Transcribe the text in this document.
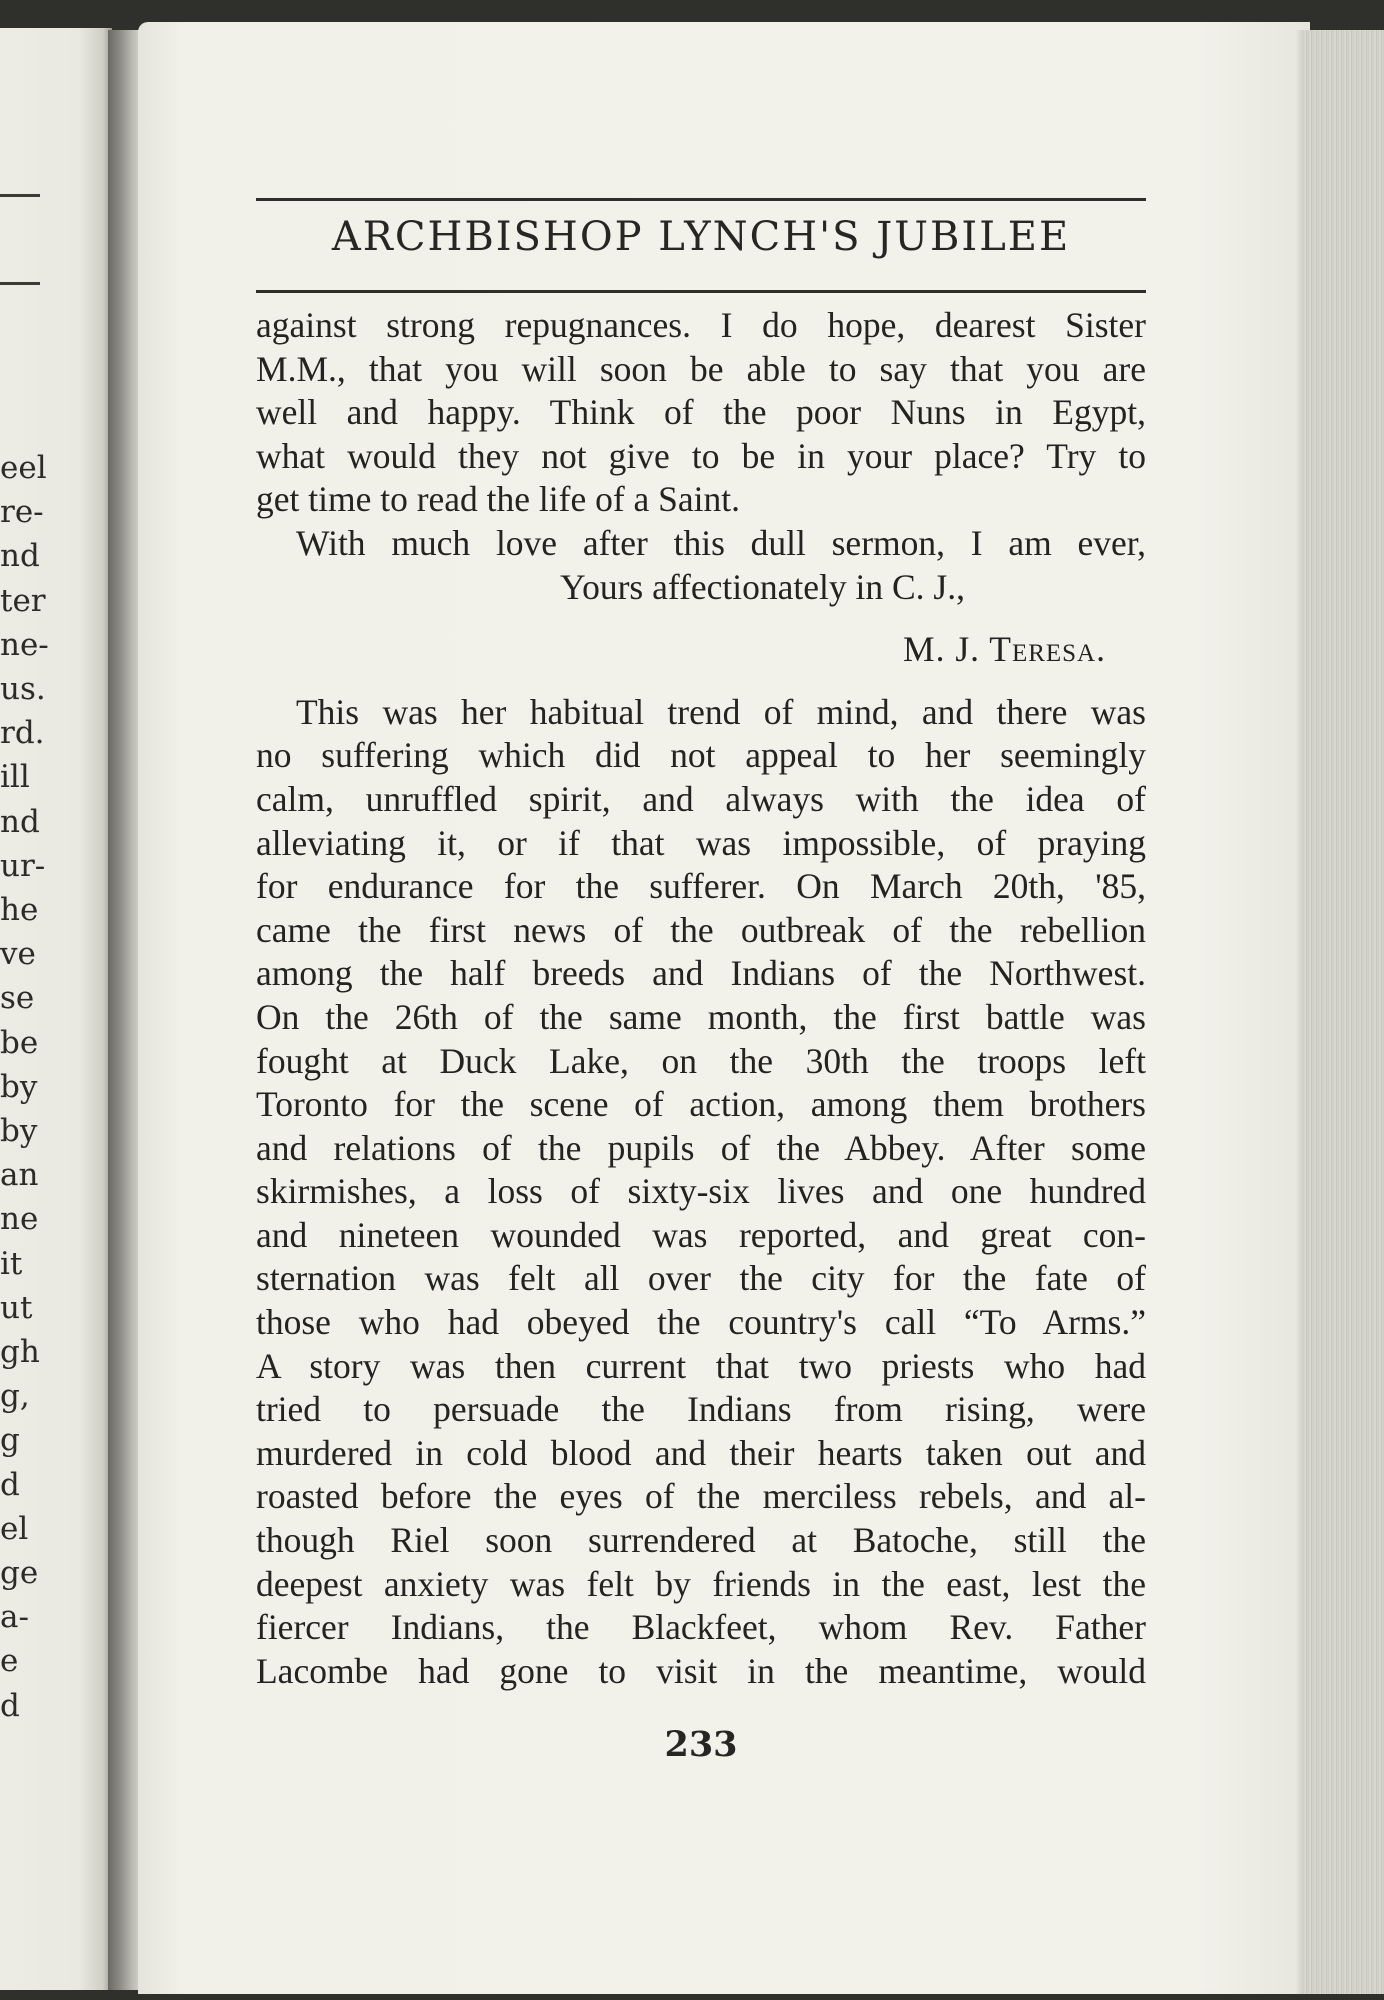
eel
re-
nd
ter
ne-
us.
rd.
ill
nd
ur-
he
ve
se
be
by
by
an
ne
it
ut
gh
g,
g
d
el
ge
a-
e
d
ARCHBISHOP LYNCH'S JUBILEE
against strong repugnances. I do hope, dearest Sister
M.M., that you will soon be able to say that you are
well and happy. Think of the poor Nuns in Egypt,
what would they not give to be in your place? Try to
get time to read the life of a Saint.
With much love after this dull sermon, I am ever,
Yours affectionately in C. J.,
M. J. Teresa.
This was her habitual trend of mind, and there was
no suffering which did not appeal to her seemingly
calm, unruffled spirit, and always with the idea of
alleviating it, or if that was impossible, of praying
for endurance for the sufferer. On March 20th, '85,
came the first news of the outbreak of the rebellion
among the half breeds and Indians of the Northwest.
On the 26th of the same month, the first battle was
fought at Duck Lake, on the 30th the troops left
Toronto for the scene of action, among them brothers
and relations of the pupils of the Abbey. After some
skirmishes, a loss of sixty-six lives and one hundred
and nineteen wounded was reported, and great con-
sternation was felt all over the city for the fate of
those who had obeyed the country's call “To Arms.”
A story was then current that two priests who had
tried to persuade the Indians from rising, were
murdered in cold blood and their hearts taken out and
roasted before the eyes of the merciless rebels, and al-
though Riel soon surrendered at Batoche, still the
deepest anxiety was felt by friends in the east, lest the
fiercer Indians, the Blackfeet, whom Rev. Father
Lacombe had gone to visit in the meantime, would
233
